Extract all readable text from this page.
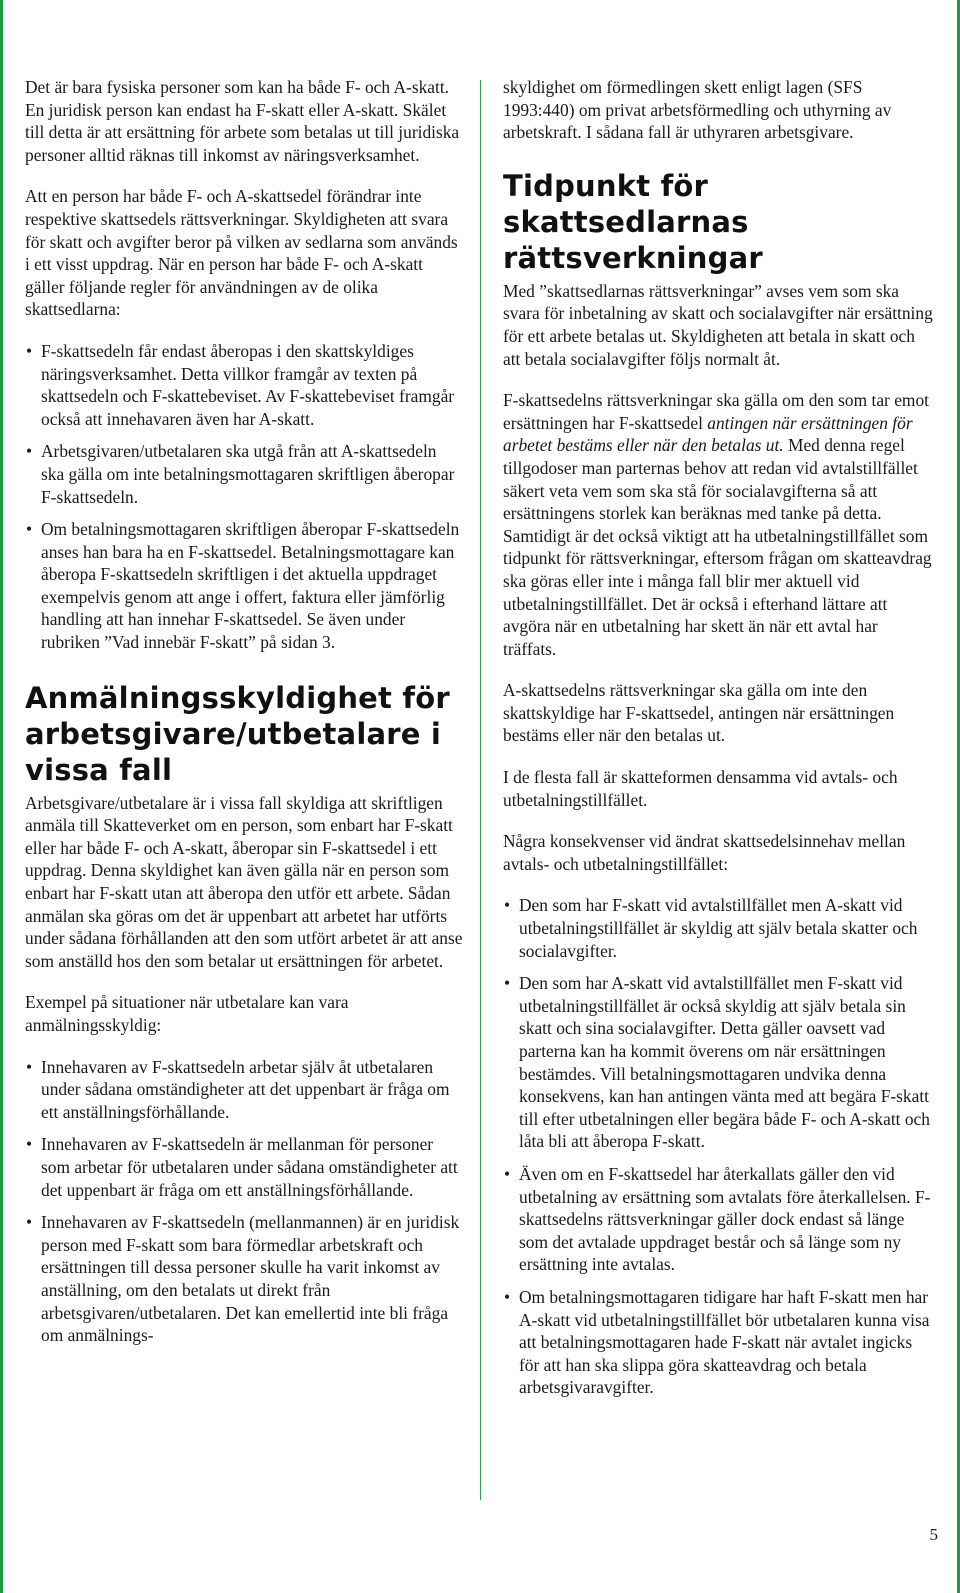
Det är bara fysiska personer som kan ha både F- och A-skatt. En juridisk person kan endast ha F-skatt eller A-skatt. Skälet till detta är att ersättning för arbete som betalas ut till juridiska personer alltid räknas till inkomst av näringsverksamhet.

Att en person har både F- och A-skattsedel förändrar inte respektive skattsedels rättsverkningar. Skyldigheten att svara för skatt och avgifter beror på vilken av sedlarna som används i ett visst uppdrag. När en person har både F- och A-skatt gäller följande regler för användningen av de olika skattsedlarna:

• F-skattsedeln får endast åberopas i den skattskyldiges näringsverksamhet. Detta villkor framgår av texten på skattsedeln och F-skattebeviset. Av F-skattebeviset framgår också att innehavaren även har A-skatt.
• Arbetsgivaren/utbetalaren ska utgå från att A-skattsedeln ska gälla om inte betalningsmottagaren skriftligen åberopar F-skattsedeln.
• Om betalningsmottagaren skriftligen åberopar F-skattsedeln anses han bara ha en F-skattsedel. Betalningsmottagare kan åberopa F-skattsedeln skriftligen i det aktuella uppdraget exempelvis genom att ange i offert, faktura eller jämförlig handling att han innehar F-skattsedel. Se även under rubriken ”Vad innebär F-skatt” på sidan 3.
Anmälningsskyldighet för arbetsgivare/utbetalare i vissa fall

Arbetsgivare/utbetalare är i vissa fall skyldiga att skriftligen anmäla till Skatteverket om en person, som enbart har F-skatt eller har både F- och A-skatt, åberopar sin F-skattsedel i ett uppdrag. Denna skyldighet kan även gälla när en person som enbart har F-skatt utan att åberopa den utför ett arbete. Sådan anmälan ska göras om det är uppenbart att arbetet har utförts under sådana förhållanden att den som utfört arbetet är att anse som anställd hos den som betalar ut ersättningen för arbetet.

Exempel på situationer när utbetalare kan vara anmälningsskyldig:

• Innehavaren av F-skattsedeln arbetar själv åt utbetalaren under sådana omständigheter att det uppenbart är fråga om ett anställningsförhållande.
• Innehavaren av F-skattsedeln är mellanman för personer som arbetar för utbetalaren under sådana omständigheter att det uppenbart är fråga om ett anställningsförhållande.
• Innehavaren av F-skattsedeln (mellanmannen) är en juridisk person med F-skatt som bara förmedlar arbetskraft och ersättningen till dessa personer skulle ha varit inkomst av anställning, om den betalats ut direkt från arbetsgivaren/utbetalaren. Det kan emellertid inte bli fråga om anmälnings-

skyldighet om förmedlingen skett enligt lagen (SFS 1993:440) om privat arbetsförmedling och uthyrning av arbetskraft. I sådana fall är uthyraren arbetsgivare.

Tidpunkt för skattsedlarnas rättsverkningar

Med ”skattsedlarnas rättsverkningar” avses vem som ska svara för inbetalning av skatt och socialavgifter när ersättning för ett arbete betalas ut. Skyldigheten att betala in skatt och att betala socialavgifter följs normalt åt.

F-skattsedelns rättsverkningar ska gälla om den som tar emot ersättningen har F-skattsedel antingen när ersättningen för arbetet bestäms eller när den betalas ut. Med denna regel tillgodoser man parternas behov att redan vid avtalstillfället säkert veta vem som ska stå för socialavgifterna så att ersättningens storlek kan beräknas med tanke på detta. Samtidigt är det också viktigt att ha utbetalningstillfället som tidpunkt för rättsverkningar, eftersom frågan om skatteavdrag ska göras eller inte i många fall blir mer aktuell vid utbetalningstillfället. Det är också i efterhand lättare att avgöra när en utbetalning har skett än när ett avtal har träffats.

A-skattsedelns rättsverkningar ska gälla om inte den skattskyldige har F-skattsedel, antingen när ersättningen bestäms eller när den betalas ut.

I de flesta fall är skatteformen densamma vid avtals- och utbetalningstillfället.

Några konsekvenser vid ändrat skattsedelsinnehav mellan avtals- och utbetalningstillfället:

• Den som har F-skatt vid avtalstillfället men A-skatt vid utbetalningstillfället är skyldig att själv betala skatter och socialavgifter.
• Den som har A-skatt vid avtalstillfället men F-skatt vid utbetalningstillfället är också skyldig att själv betala sin skatt och sina socialavgifter. Detta gäller oavsett vad parterna kan ha kommit överens om när ersättningen bestämdes. Vill betalningsmottagaren undvika denna konsekvens, kan han antingen vänta med att begära F-skatt till efter utbetalningen eller begära både F- och A-skatt och låta bli att åberopa F-skatt.
• Även om en F-skattsedel har återkallats gäller den vid utbetalning av ersättning som avtalats före återkallelsen. F-skattsedelns rättsverkningar gäller dock endast så länge som det avtalade uppdraget består och så länge som ny ersättning inte avtalas.
• Om betalningsmottagaren tidigare har haft F-skatt men har A-skatt vid utbetalningstillfället bör utbetalaren kunna visa att betalningsmottagaren hade F-skatt när avtalet ingicks för att han ska slippa göra skatteavdrag och betala arbetsgivaravgifter.
5
